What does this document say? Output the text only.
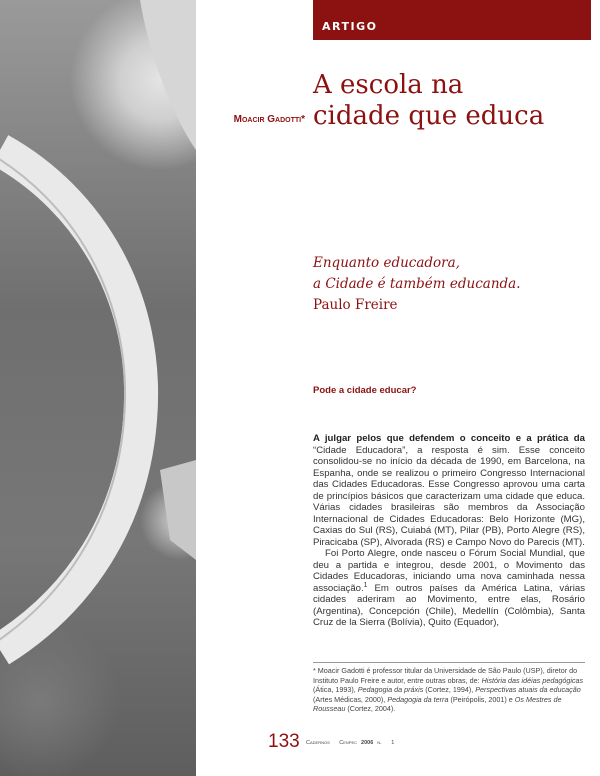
ARTIGO
A escola na
cidade que educa
Moacir Gadotti*
Enquanto educadora,
a Cidade é também educanda.
Paulo Freire
Pode a cidade educar?

A julgar pelos que defendem o conceito e a prática da “Cidade Educadora”, a resposta é sim. Esse conceito consolidou-se no início da década de 1990, em Barcelona, na Espanha, onde se realizou o primeiro Congresso Internacional das Cidades Educadoras. Esse Congresso aprovou uma carta de princípios básicos que caracterizam uma cidade que educa. Várias cidades brasileiras são membros da Associação Internacional de Cidades Educadoras: Belo Horizonte (MG), Caxias do Sul (RS), Cuiabá (MT), Pilar (PB), Porto Alegre (RS), Piracicaba (SP), Alvorada (RS) e Campo Novo do Parecis (MT).

Foi Porto Alegre, onde nasceu o Fórum Social Mundial, que deu a partida e integrou, desde 2001, o Movimento das Cidades Educadoras, iniciando uma nova caminhada nessa associação.$^1$ Em outros países da América Latina, várias cidades aderiram ao Movimento, entre elas, Rosário (Argentina), Concepción (Chile), Medellín (Colômbia), Santa Cruz de la Sierra (Bolívia), Quito (Equador),

* Moacir Gadotti é professor titular da Universidade de São Paulo (USP), diretor do Instituto Paulo Freire e autor, entre outras obras, de: História das idéias pedagógicas (Ática, 1993), Pedagogia da práxis (Cortez, 1994), Perspectivas atuais da educação (Artes Médicas, 2000), Pedagogia da terra (Peirópolis, 2001) e Os Mestres de Rousseau (Cortez, 2004).
133 Cadernos Cenpec 2006 n. 1
